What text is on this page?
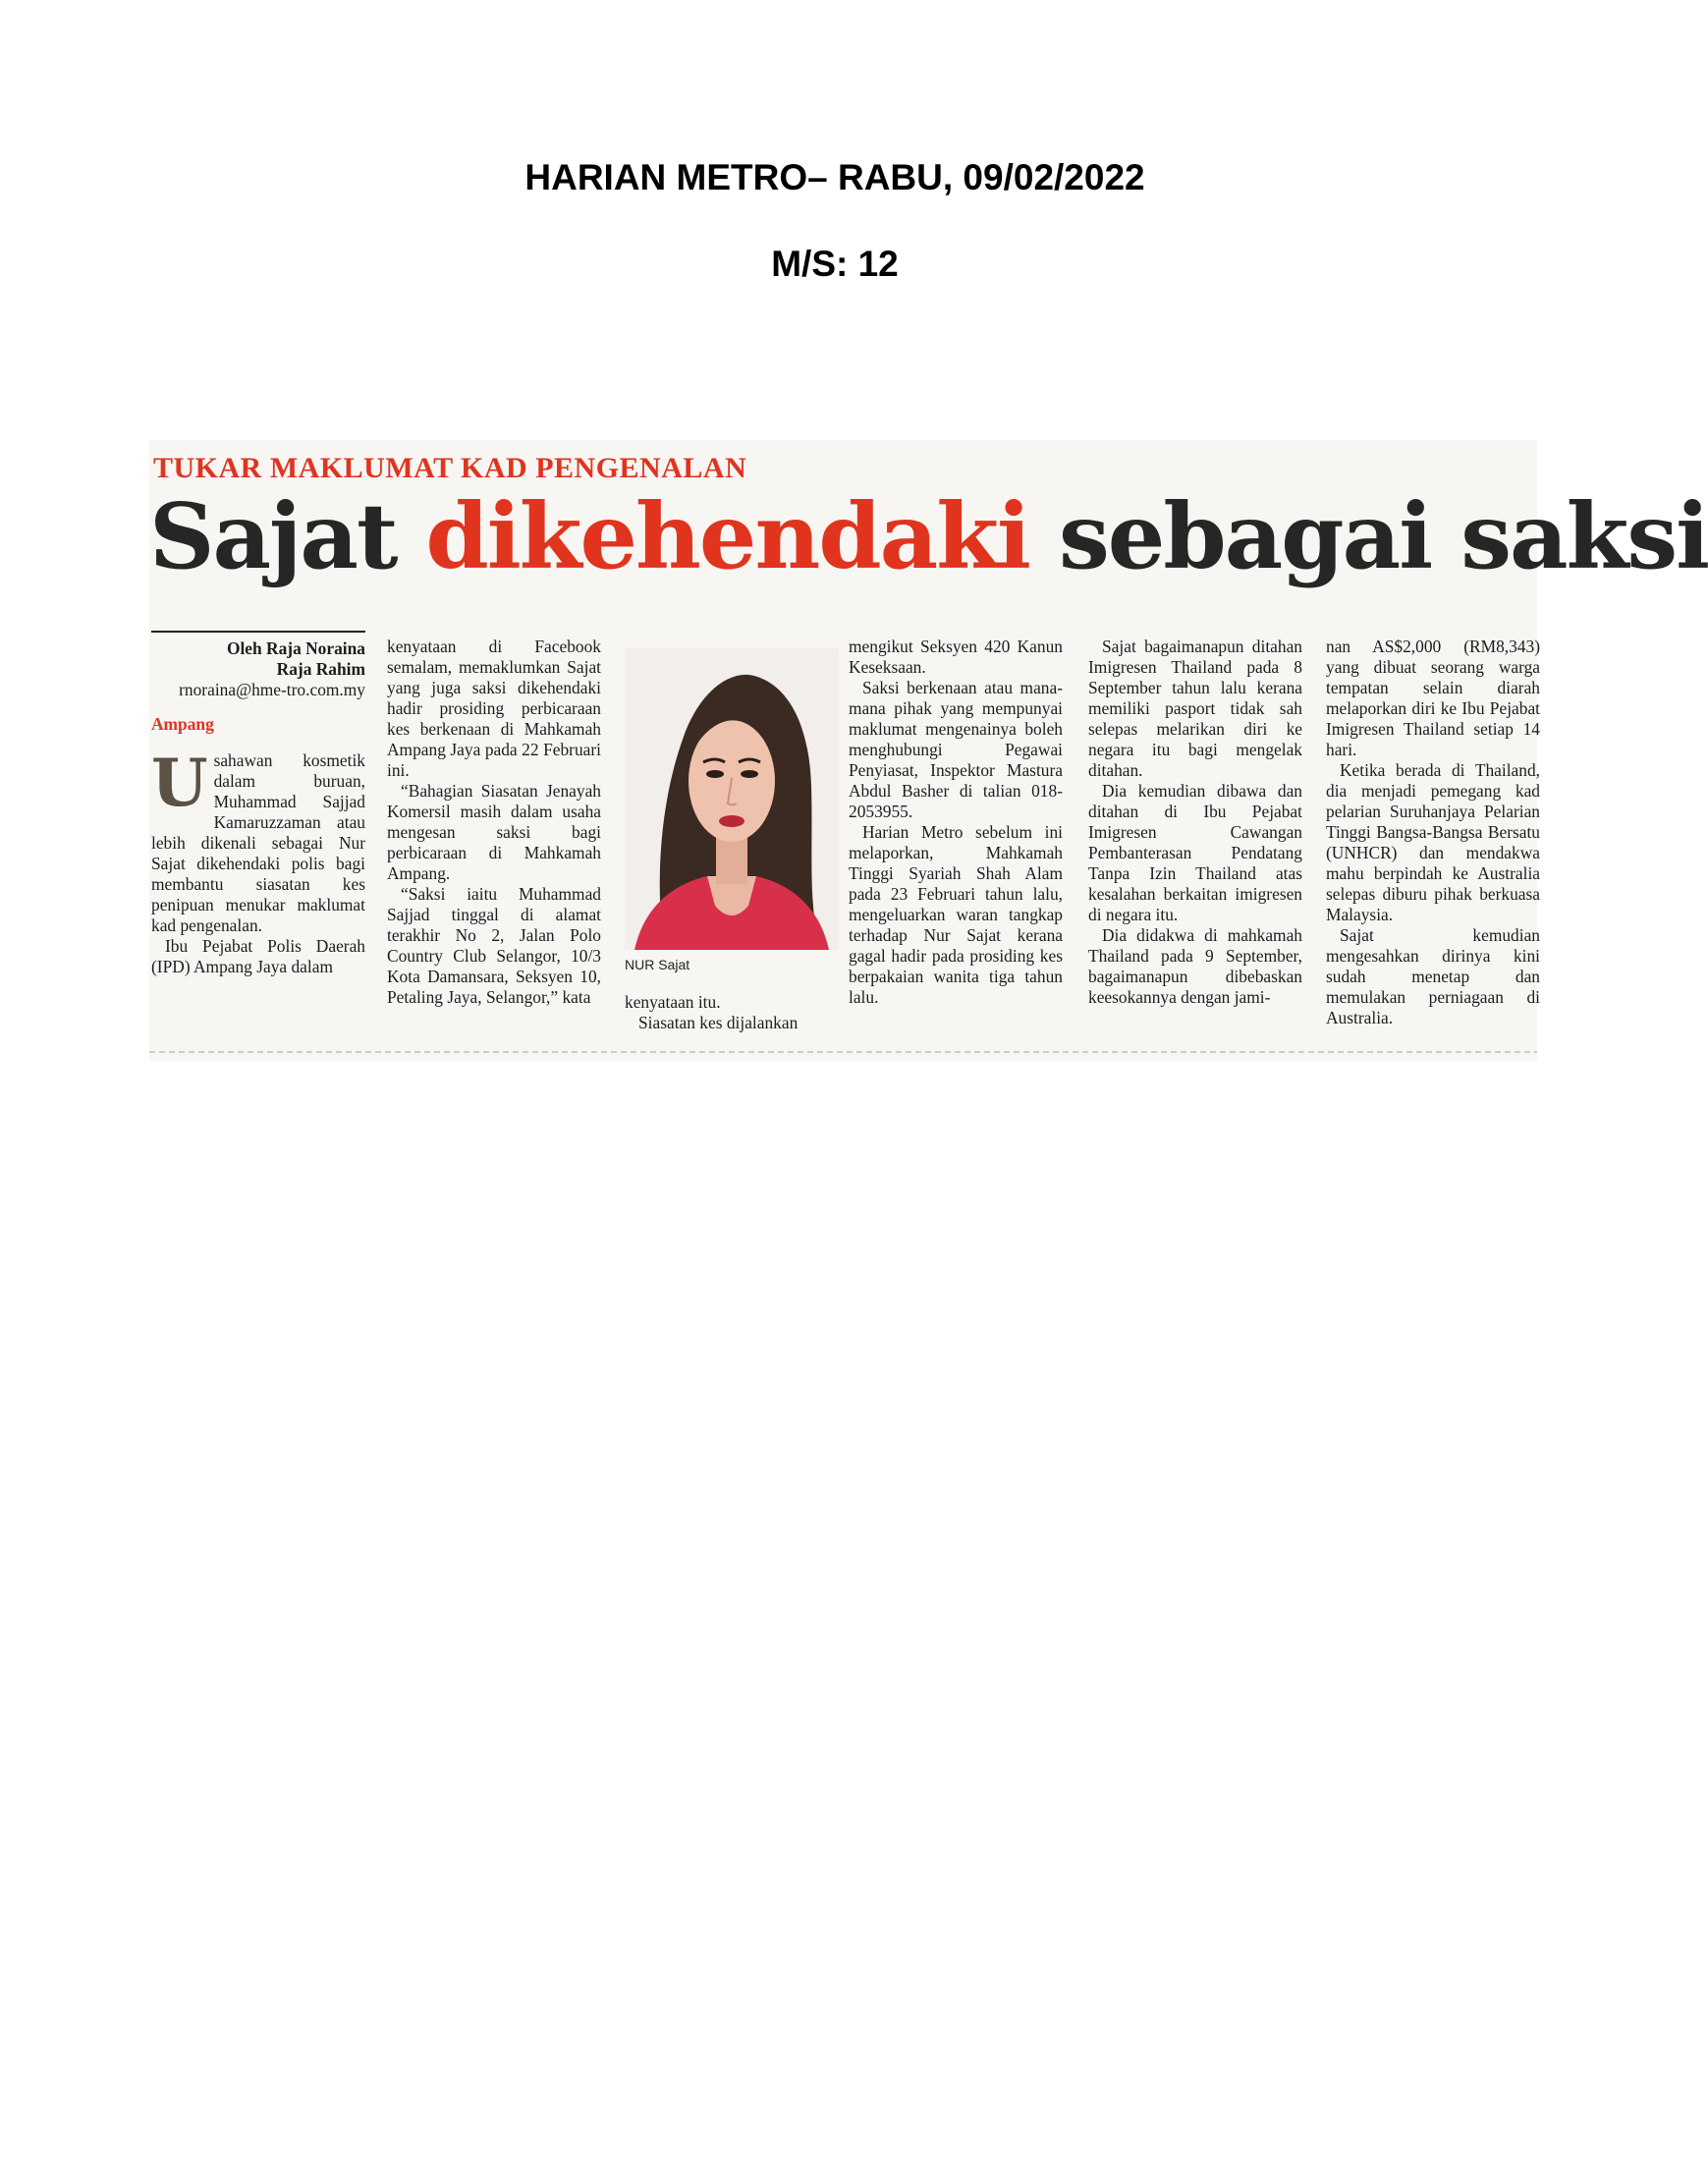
HARIAN METRO– RABU, 09/02/2022
M/S: 12
TUKAR MAKLUMAT KAD PENGENALAN
Sajat dikehendaki sebagai saksi

Oleh Raja Noraina

Raja Rahim

rnoraina@hme-tro.com.my

Ampang

Usahawan kosmetik dalam buruan, Muhammad Sajjad Kamaruzzaman atau lebih dikenali sebagai Nur Sajat dikehendaki polis bagi membantu siasatan kes penipuan menukar maklumat kad pengenalan.

Ibu Pejabat Polis Daerah (IPD) Ampang Jaya dalam

kenyataan di Facebook semalam, memaklumkan Sajat yang juga saksi dikehendaki hadir prosiding perbicaraan kes berkenaan di Mahkamah Ampang Jaya pada 22 Februari ini.

“Bahagian Siasatan Jenayah Komersil masih dalam usaha mengesan saksi bagi perbicaraan di Mahkamah Ampang.

“Saksi iaitu Muhammad Sajjad tinggal di alamat terakhir No 2, Jalan Polo Country Club Selangor, 10/3 Kota Damansara, Seksyen 10, Petaling Jaya, Selangor,” kata

NUR Sajat

kenyataan itu.

Siasatan kes dijalankan

mengikut Seksyen 420 Kanun Keseksaan.

Saksi berkenaan atau mana-mana pihak yang mempunyai maklumat mengenainya boleh menghubungi Pegawai Penyiasat, Inspektor Mastura Abdul Basher di talian 018-2053955.

Harian Metro sebelum ini melaporkan, Mahkamah Tinggi Syariah Shah Alam pada 23 Februari tahun lalu, mengeluarkan waran tangkap terhadap Nur Sajat kerana gagal hadir pada prosiding kes berpakaian wanita tiga tahun lalu.

Sajat bagaimanapun ditahan Imigresen Thailand pada 8 September tahun lalu kerana memiliki pasport tidak sah selepas melarikan diri ke negara itu bagi mengelak ditahan.

Dia kemudian dibawa dan ditahan di Ibu Pejabat Imigresen Cawangan Pembanterasan Pendatang Tanpa Izin Thailand atas kesalahan berkaitan imigresen di negara itu.

Dia didakwa di mahkamah Thailand pada 9 September, bagaimanapun dibebaskan keesokannya dengan jami-

nan AS$2,000 (RM8,343) yang dibuat seorang warga tempatan selain diarah melaporkan diri ke Ibu Pejabat Imigresen Thailand setiap 14 hari.

Ketika berada di Thailand, dia menjadi pemegang kad pelarian Suruhanjaya Pelarian Tinggi Bangsa-Bangsa Bersatu (UNHCR) dan mendakwa mahu berpindah ke Australia selepas diburu pihak berkuasa Malaysia.

Sajat kemudian mengesahkan dirinya kini sudah menetap dan memulakan perniagaan di Australia.
